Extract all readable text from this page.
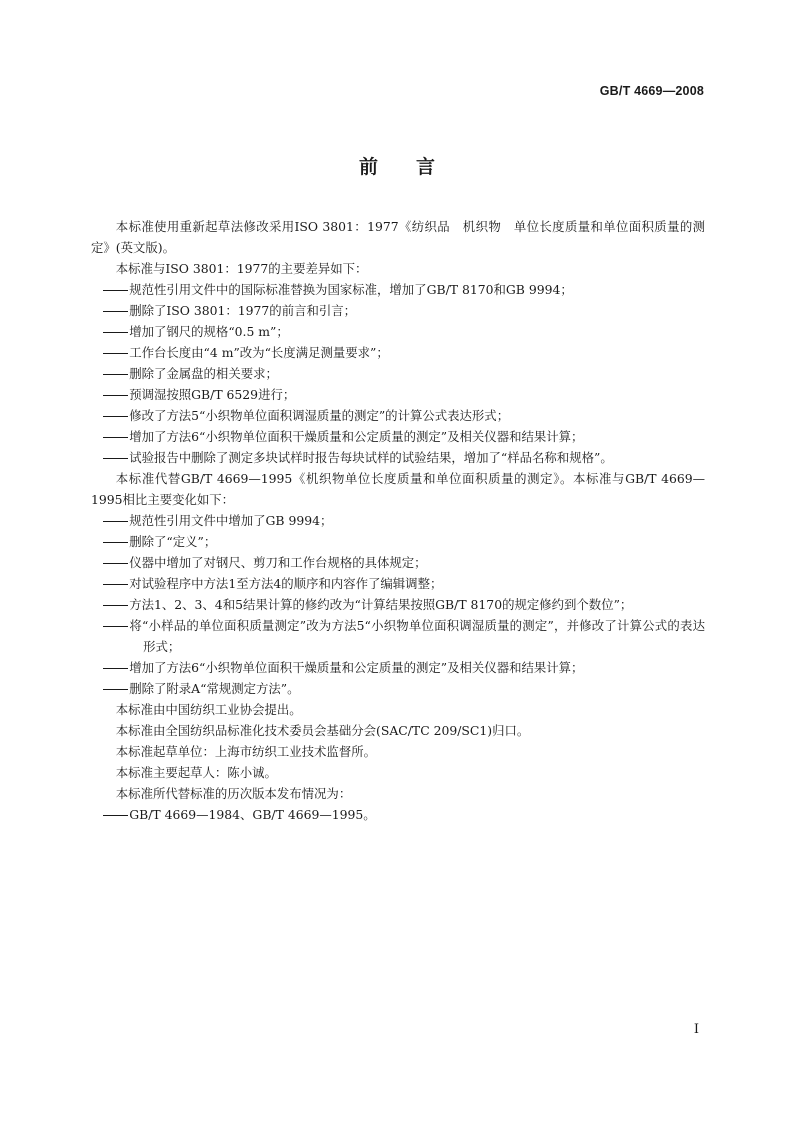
GB/T 4669—2008
前言

本标准使用重新起草法修改采用ISO 3801：1977《纺织品　机织物　单位长度质量和单位面积质量的测定》(英文版)。

本标准与ISO 3801：1977的主要差异如下：

规范性引用文件中的国际标准替换为国家标准，增加了GB/T 8170和GB 9994；

删除了ISO 3801：1977的前言和引言；

增加了钢尺的规格“0.5 m”；

工作台长度由“4 m”改为“长度满足测量要求”；

删除了金属盘的相关要求；

预调湿按照GB/T 6529进行；

修改了方法5“小织物单位面积调湿质量的测定”的计算公式表达形式；

增加了方法6“小织物单位面积干燥质量和公定质量的测定”及相关仪器和结果计算；

试验报告中删除了测定多块试样时报告每块试样的试验结果，增加了“样品名称和规格”。

本标准代替GB/T 4669—1995《机织物单位长度质量和单位面积质量的测定》。本标准与GB/T 4669—1995相比主要变化如下：

规范性引用文件中增加了GB 9994；

删除了“定义”；

仪器中增加了对钢尺、剪刀和工作台规格的具体规定；

对试验程序中方法1至方法4的顺序和内容作了编辑调整；

方法1、2、3、4和5结果计算的修约改为“计算结果按照GB/T 8170的规定修约到个数位”；

将“小样品的单位面积质量测定”改为方法5“小织物单位面积调湿质量的测定”，并修改了计算公式的表达形式；

增加了方法6“小织物单位面积干燥质量和公定质量的测定”及相关仪器和结果计算；

删除了附录A“常规测定方法”。

本标准由中国纺织工业协会提出。

本标准由全国纺织品标准化技术委员会基础分会(SAC/TC 209/SC1)归口。

本标准起草单位：上海市纺织工业技术监督所。

本标准主要起草人：陈小诚。

本标准所代替标准的历次版本发布情况为：

GB/T 4669—1984、GB/T 4669—1995。

I
